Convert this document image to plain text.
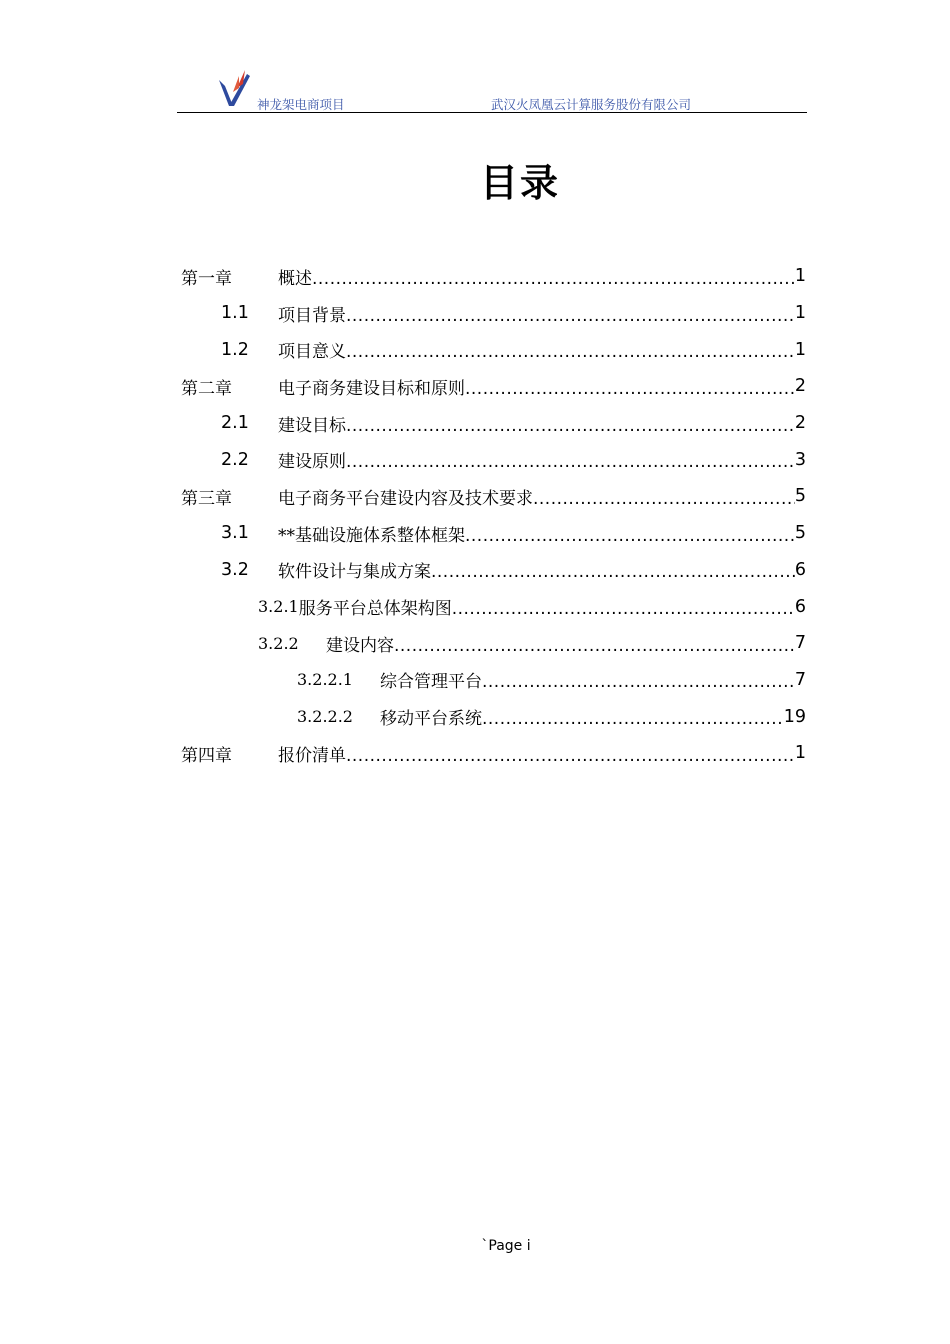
神龙架电商项目	武汉火凤凰云计算服务股份有限公司
目录
第一章	概述 .....	1
1.1	项目背景 .....	1
1.2	项目意义 .....	1
第二章	电子商务建设目标和原则 .....	2
2.1	建设目标 .....	2
2.2	建设原则 .....	3
第三章	电子商务平台建设内容及技术要求 .....	5
3.1	**基础设施体系整体框架 .....	5
3.2	软件设计与集成方案 .....	6
3.2.1 服务平台总体架构图 .....	6
3.2.2	建设内容 .....	7
3.2.2.1	综合管理平台 .....	7
3.2.2.2	移动平台系统 .....	19
第四章	报价清单 .....	1
`Page i
